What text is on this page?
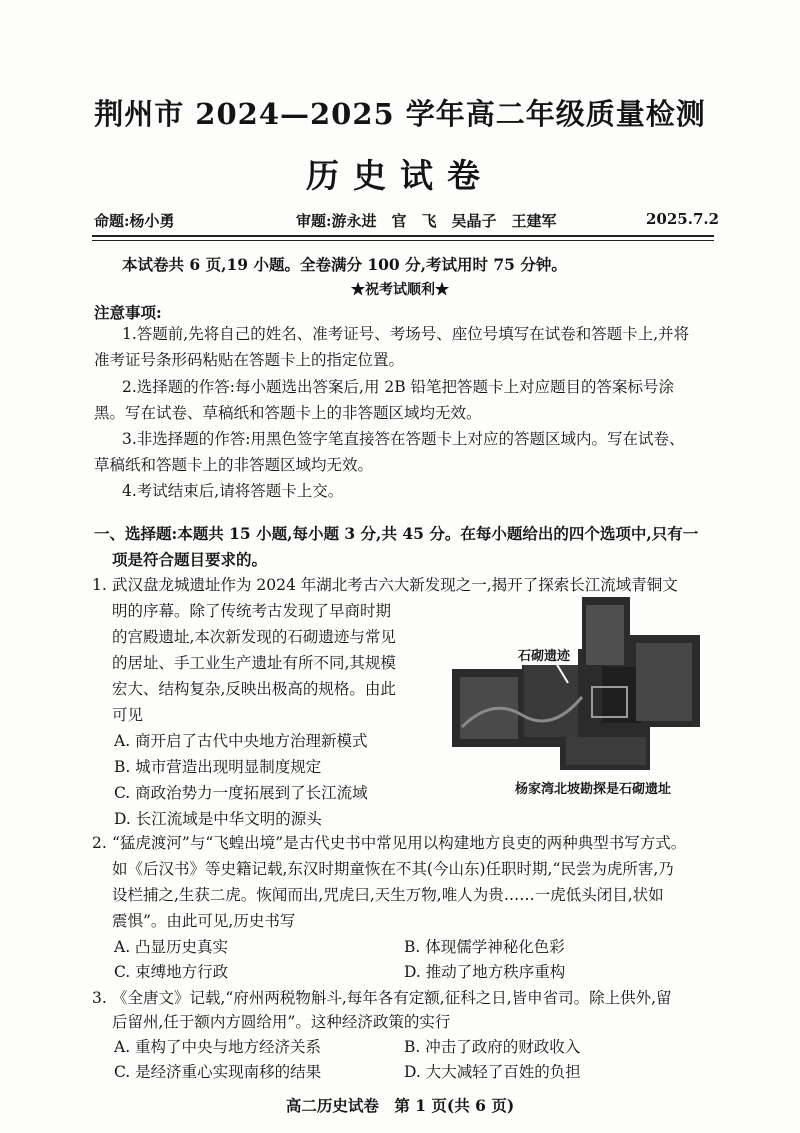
荆州市 2024—2025 学年高二年级质量检测
历史试卷
命题:杨小勇	审题:游永进　官　飞　吴晶子　王建军	2025.7.2
本试卷共 6 页,19 小题。全卷满分 100 分,考试用时 75 分钟。
★祝考试顺利★
注意事项:
1.答题前,先将自己的姓名、准考证号、考场号、座位号填写在试卷和答题卡上,并将
准考证号条形码粘贴在答题卡上的指定位置。
2.选择题的作答:每小题选出答案后,用 2B 铅笔把答题卡上对应题目的答案标号涂
黑。写在试卷、草稿纸和答题卡上的非答题区域均无效。
3.非选择题的作答:用黑色签字笔直接答在答题卡上对应的答题区域内。写在试卷、
草稿纸和答题卡上的非答题区域均无效。
4.考试结束后,请将答题卡上交。
一、选择题:本题共 15 小题,每小题 3 分,共 45 分。在每小题给出的四个选项中,只有一
项是符合题目要求的。
1. 武汉盘龙城遗址作为 2024 年湖北考古六大新发现之一,揭开了探索长江流域青铜文
明的序幕。除了传统考古发现了早商时期
的宫殿遗址,本次新发现的石砌遗迹与常见
的居址、手工业生产遗址有所不同,其规模
宏大、结构复杂,反映出极高的规格。由此
可见
A. 商开启了古代中央地方治理新模式
B. 城市营造出现明显制度规定
C. 商政治势力一度拓展到了长江流域
D. 长江流域是中华文明的源头
石砌遗迹
杨家湾北坡勘探是石砌遗址
2. “猛虎渡河”与“飞蝗出境”是古代史书中常见用以构建地方良吏的两种典型书写方式。
如《后汉书》等史籍记载,东汉时期童恢在不其(今山东)任职时期,“民尝为虎所害,乃
设栏捕之,生获二虎。恢闻而出,咒虎曰,天生万物,唯人为贵……一虎低头闭目,状如
震惧”。由此可见,历史书写
A. 凸显历史真实	B. 体现儒学神秘化色彩
C. 束缚地方行政	D. 推动了地方秩序重构
3. 《全唐文》记载,“府州两税物斛斗,每年各有定额,征科之日,皆申省司。除上供外,留
后留州,任于额内方圆给用”。这种经济政策的实行
A. 重构了中央与地方经济关系	B. 冲击了政府的财政收入
C. 是经济重心实现南移的结果	D. 大大减轻了百姓的负担
高二历史试卷　第 1 页(共 6 页)
